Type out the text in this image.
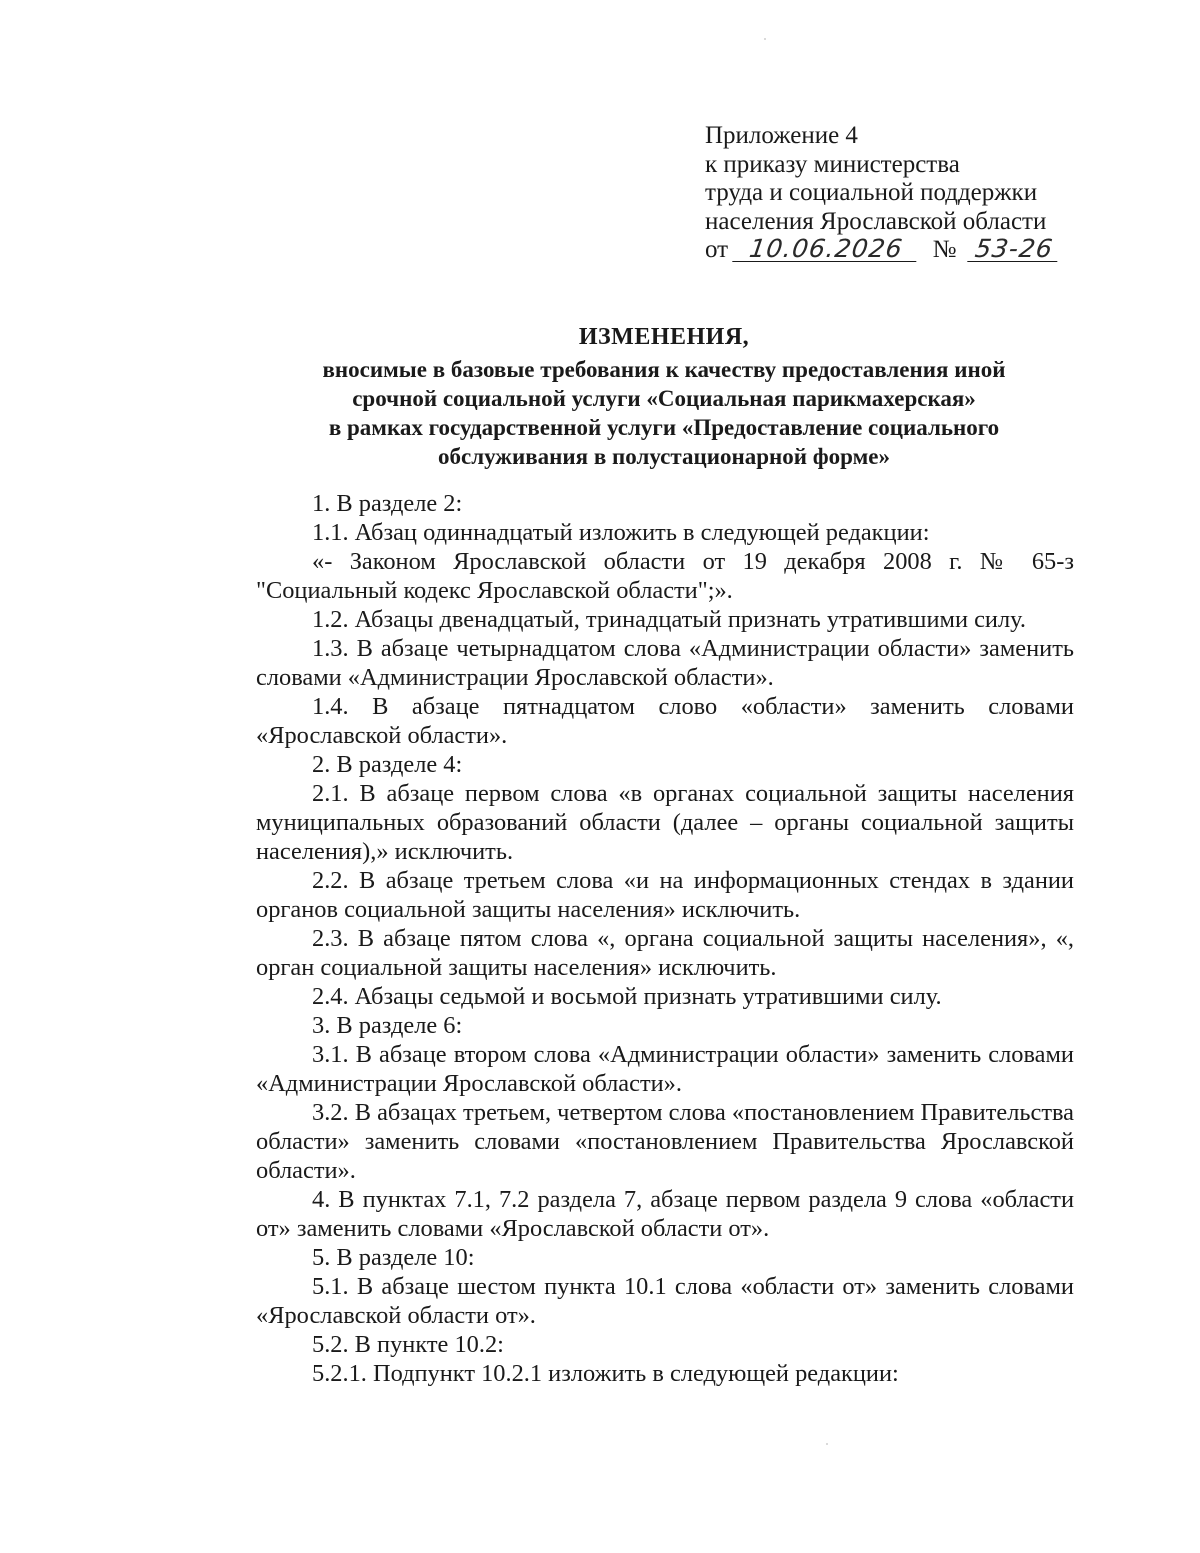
Приложение 4
к приказу министерства
труда и социальной поддержки
населения Ярославской области
от 10.06.2026 № 53-26
ИЗМЕНЕНИЯ,
вносимые в базовые требования к качеству предоставления иной
срочной социальной услуги «Социальная парикмахерская»
в рамках государственной услуги «Предоставление социального
обслуживания в полустационарной форме»

1. В разделе 2:

1.1. Абзац одиннадцатый изложить в следующей редакции:

«- Законом Ярославской области от 19 декабря 2008 г. № 65-з "Социальный кодекс Ярославской области";».

1.2. Абзацы двенадцатый, тринадцатый признать утратившими силу.

1.3. В абзаце четырнадцатом слова «Администрации области» заменить словами «Администрации Ярославской области».

1.4. В абзаце пятнадцатом слово «области» заменить словами «Ярославской области».

2. В разделе 4:

2.1. В абзаце первом слова «в органах социальной защиты населения муниципальных образований области (далее – органы социальной защиты населения),» исключить.

2.2. В абзаце третьем слова «и на информационных стендах в здании органов социальной защиты населения» исключить.

2.3. В абзаце пятом слова «, органа социальной защиты населения», «, орган социальной защиты населения» исключить.

2.4. Абзацы седьмой и восьмой признать утратившими силу.

3. В разделе 6:

3.1. В абзаце втором слова «Администрации области» заменить словами «Администрации Ярославской области».

3.2. В абзацах третьем, четвертом слова «постановлением Правительства области» заменить словами «постановлением Правительства Ярославской области».

4. В пунктах 7.1, 7.2 раздела 7, абзаце первом раздела 9 слова «области от» заменить словами «Ярославской области от».

5. В разделе 10:

5.1. В абзаце шестом пункта 10.1 слова «области от» заменить словами «Ярославской области от».

5.2. В пункте 10.2:

5.2.1. Подпункт 10.2.1 изложить в следующей редакции:
